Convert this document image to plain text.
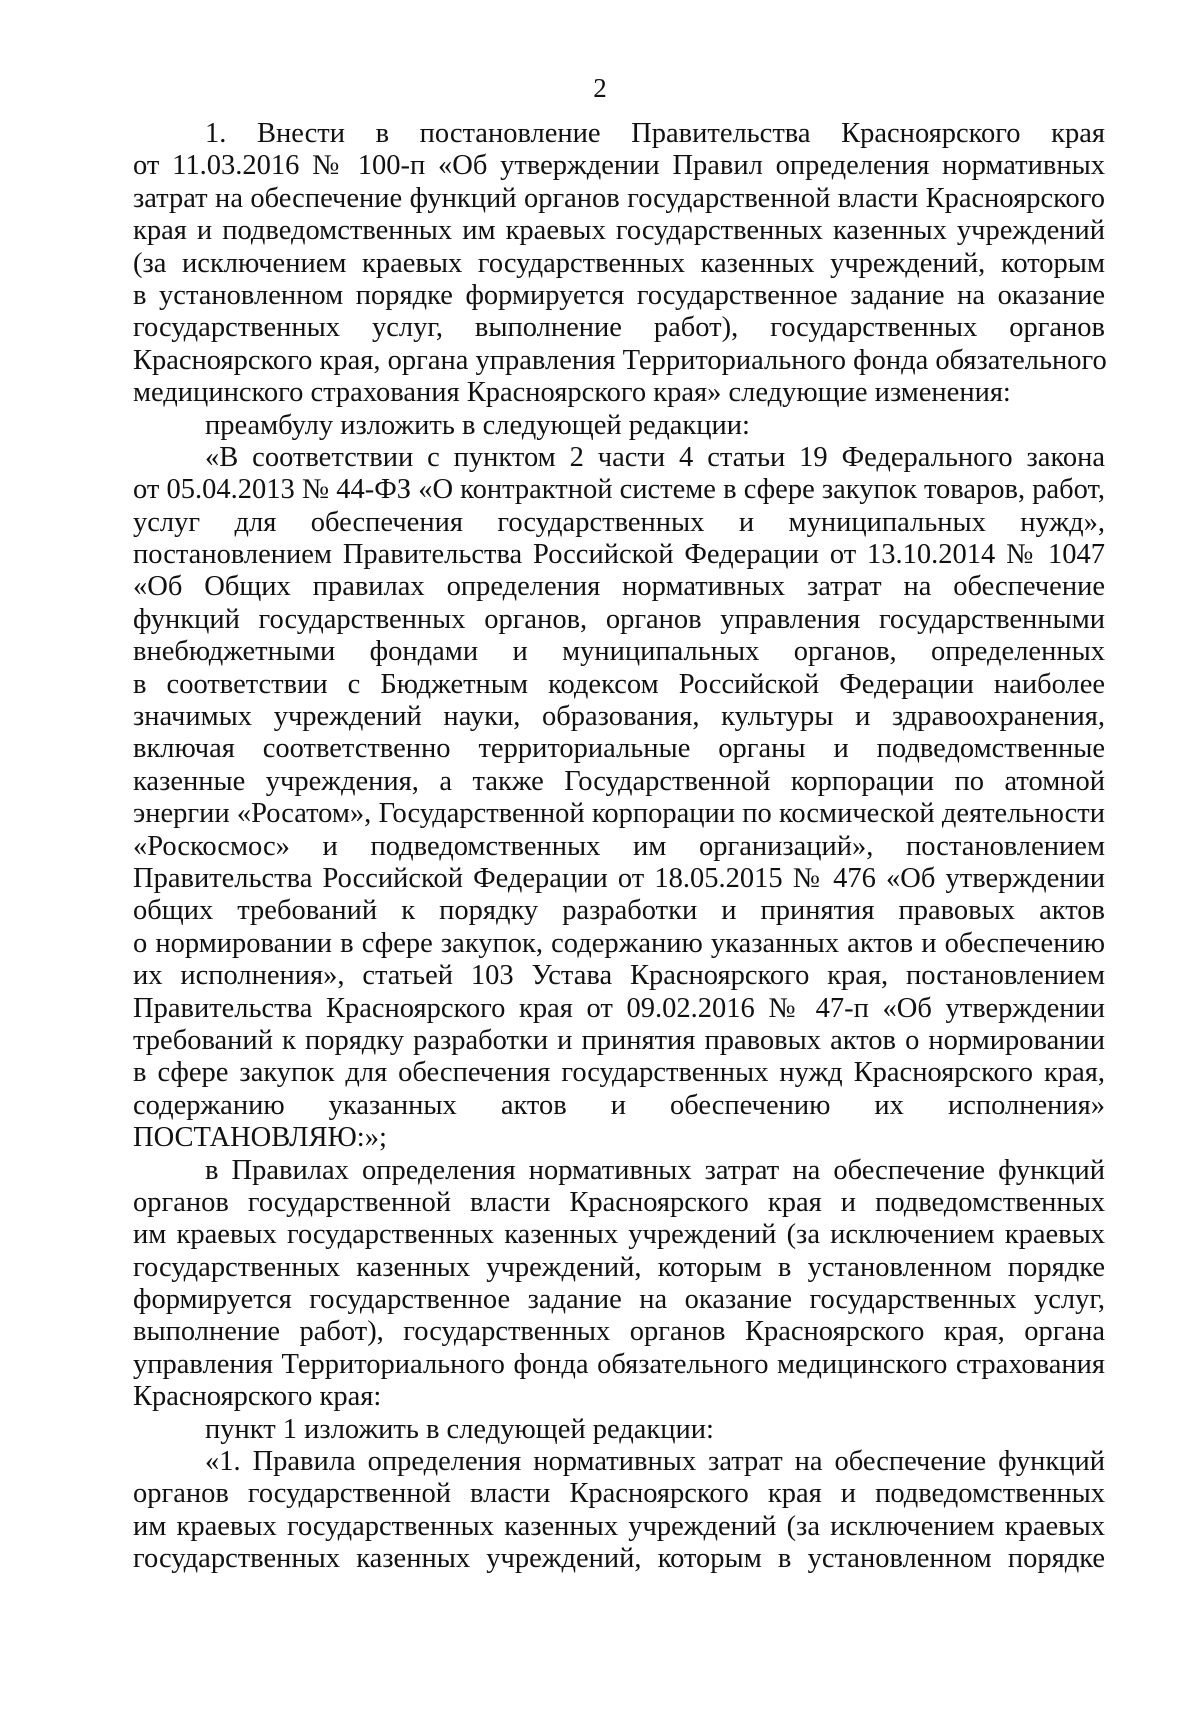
2
1. Внести в постановление Правительства Красноярского края
от 11.03.2016 № 100-п «Об утверждении Правил определения нормативных
затрат на обеспечение функций органов государственной власти Красноярского
края и подведомственных им краевых государственных казенных учреждений
(за исключением краевых государственных казенных учреждений, которым
в установленном порядке формируется государственное задание на оказание
государственных услуг, выполнение работ), государственных органов
Красноярского края, органа управления Территориального фонда обязательного
медицинского страхования Красноярского края» следующие изменения:
преамбулу изложить в следующей редакции:
«В соответствии с пунктом 2 части 4 статьи 19 Федерального закона
от 05.04.2013 № 44-ФЗ «О контрактной системе в сфере закупок товаров, работ,
услуг для обеспечения государственных и муниципальных нужд»,
постановлением Правительства Российской Федерации от 13.10.2014 № 1047
«Об Общих правилах определения нормативных затрат на обеспечение
функций государственных органов, органов управления государственными
внебюджетными фондами и муниципальных органов, определенных
в соответствии с Бюджетным кодексом Российской Федерации наиболее
значимых учреждений науки, образования, культуры и здравоохранения,
включая соответственно территориальные органы и подведомственные
казенные учреждения, а также Государственной корпорации по атомной
энергии «Росатом», Государственной корпорации по космической деятельности
«Роскосмос» и подведомственных им организаций», постановлением
Правительства Российской Федерации от 18.05.2015 № 476 «Об утверждении
общих требований к порядку разработки и принятия правовых актов
о нормировании в сфере закупок, содержанию указанных актов и обеспечению
их исполнения», статьей 103 Устава Красноярского края, постановлением
Правительства Красноярского края от 09.02.2016 № 47-п «Об утверждении
требований к порядку разработки и принятия правовых актов о нормировании
в сфере закупок для обеспечения государственных нужд Красноярского края,
содержанию указанных актов и обеспечению их исполнения»
ПОСТАНОВЛЯЮ:»;
в Правилах определения нормативных затрат на обеспечение функций
органов государственной власти Красноярского края и подведомственных
им краевых государственных казенных учреждений (за исключением краевых
государственных казенных учреждений, которым в установленном порядке
формируется государственное задание на оказание государственных услуг,
выполнение работ), государственных органов Красноярского края, органа
управления Территориального фонда обязательного медицинского страхования
Красноярского края:
пункт 1 изложить в следующей редакции:
«1. Правила определения нормативных затрат на обеспечение функций
органов государственной власти Красноярского края и подведомственных
им краевых государственных казенных учреждений (за исключением краевых
государственных казенных учреждений, которым в установленном порядке
